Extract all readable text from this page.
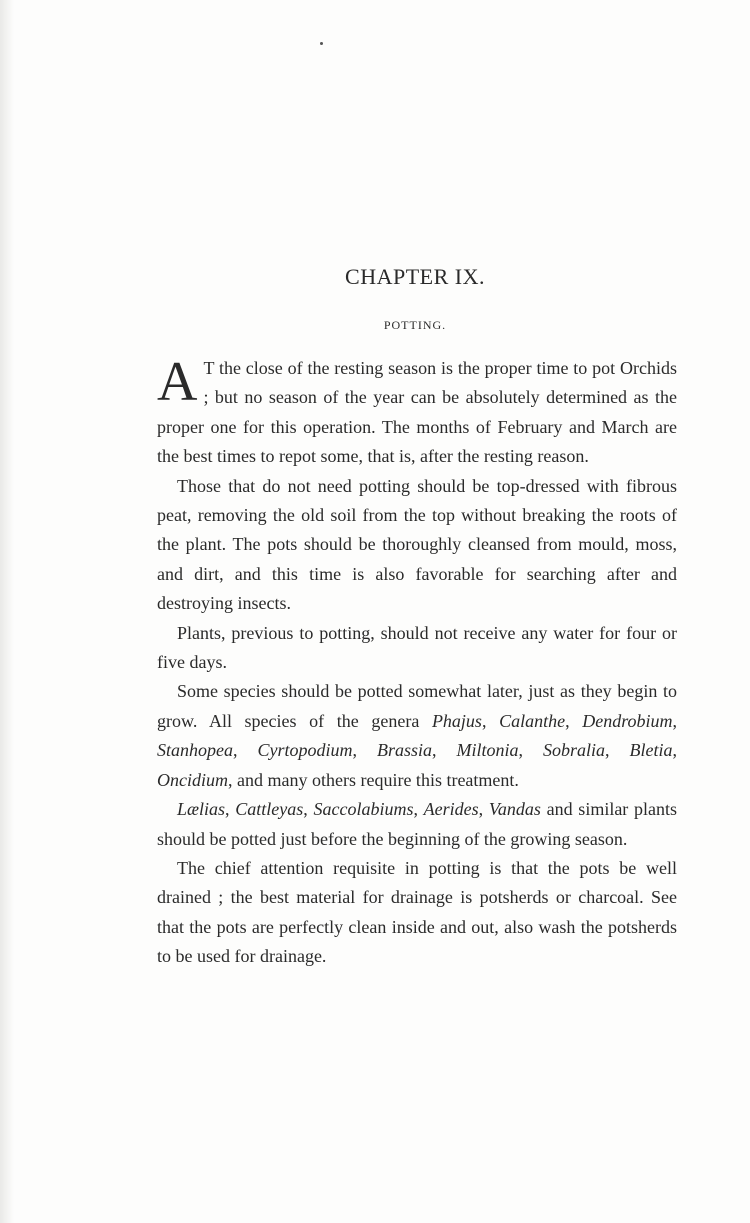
CHAPTER IX.
POTTING.

A T the close of the resting season is the proper time to pot Orchids ; but no season of the year can be absolutely determined as the proper one for this operation. The months of February and March are the best times to repot some, that is, after the resting reason.

Those that do not need potting should be top-dressed with fibrous peat, removing the old soil from the top without breaking the roots of the plant. The pots should be thoroughly cleansed from mould, moss, and dirt, and this time is also favorable for searching after and destroying insects.

Plants, previous to potting, should not receive any water for four or five days.

Some species should be potted somewhat later, just as they begin to grow. All species of the genera Phajus, Calanthe, Dendrobium, Stanhopea, Cyrtopodium, Brassia, Miltonia, Sobralia, Bletia, Oncidium, and many others require this treatment.

Lælias, Cattleyas, Saccolabiums, Aerides, Vandas and similar plants should be potted just before the beginning of the growing season.

The chief attention requisite in potting is that the pots be well drained ; the best material for drainage is potsherds or charcoal. See that the pots are perfectly clean inside and out, also wash the potsherds to be used for drainage.
